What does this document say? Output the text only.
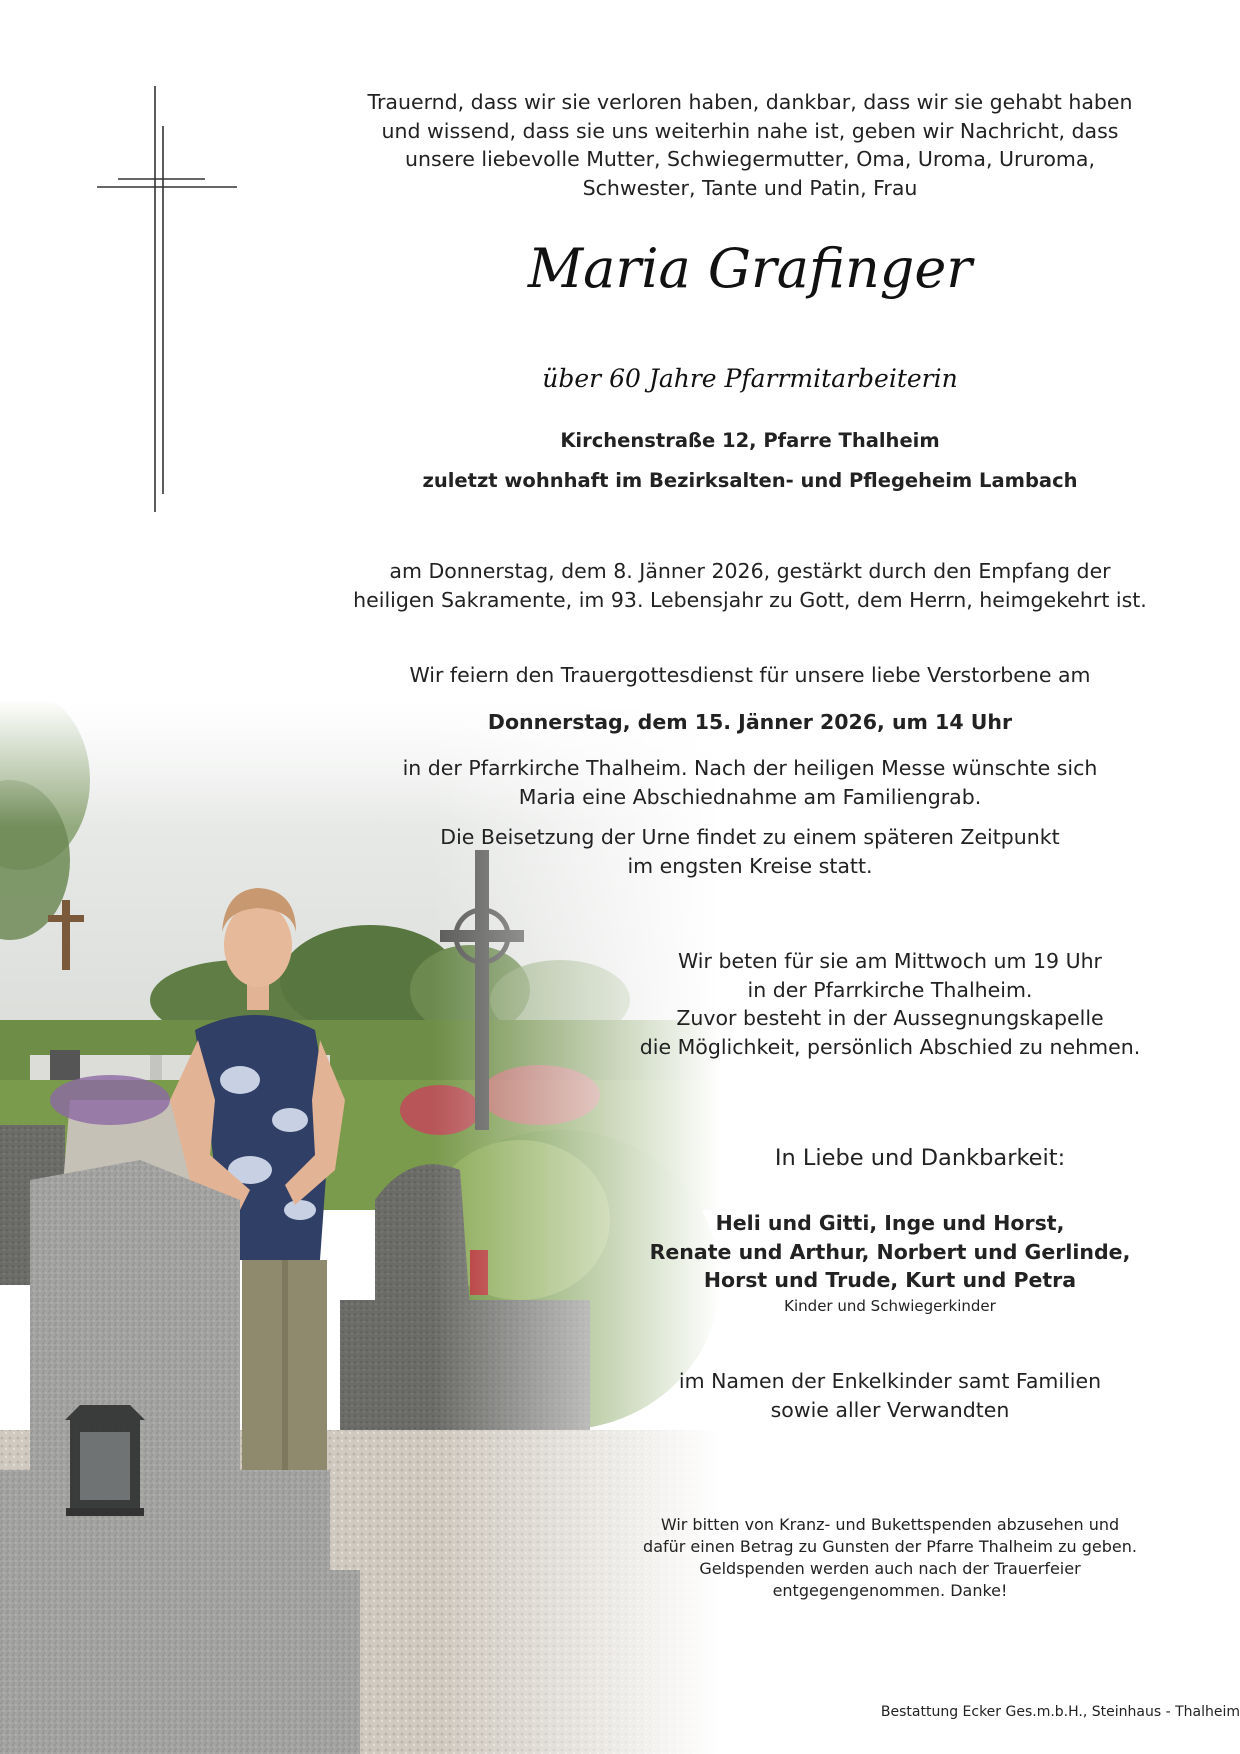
Trauernd, dass wir sie verloren haben, dankbar, dass wir sie gehabt haben
und wissend, dass sie uns weiterhin nahe ist, geben wir Nachricht, dass
unsere liebevolle Mutter, Schwiegermutter, Oma, Uroma, Ururoma,
Schwester, Tante und Patin, Frau
Maria Grafinger
über 60 Jahre Pfarrmitarbeiterin
Kirchenstraße 12, Pfarre Thalheim
zuletzt wohnhaft im Bezirksalten- und Pflegeheim Lambach
am Donnerstag, dem 8. Jänner 2026, gestärkt durch den Empfang der
heiligen Sakramente, im 93. Lebensjahr zu Gott, dem Herrn, heimgekehrt ist.
Wir feiern den Trauergottesdienst für unsere liebe Verstorbene am
Donnerstag, dem 15. Jänner 2026, um 14 Uhr
in der Pfarrkirche Thalheim. Nach der heiligen Messe wünschte sich
Maria eine Abschiednahme am Familiengrab.
Die Beisetzung der Urne findet zu einem späteren Zeitpunkt
im engsten Kreise statt.
Wir beten für sie am Mittwoch um 19 Uhr
in der Pfarrkirche Thalheim.
Zuvor besteht in der Aussegnungskapelle
die Möglichkeit, persönlich Abschied zu nehmen.
In Liebe und Dankbarkeit:
Heli und Gitti, Inge und Horst,
Renate und Arthur, Norbert und Gerlinde,
Horst und Trude, Kurt und Petra
Kinder und Schwiegerkinder
im Namen der Enkelkinder samt Familien
sowie aller Verwandten
Wir bitten von Kranz- und Bukettspenden abzusehen und
dafür einen Betrag zu Gunsten der Pfarre Thalheim zu geben.
Geldspenden werden auch nach der Trauerfeier
entgegengenommen. Danke!
Bestattung Ecker Ges.m.b.H., Steinhaus - Thalheim
